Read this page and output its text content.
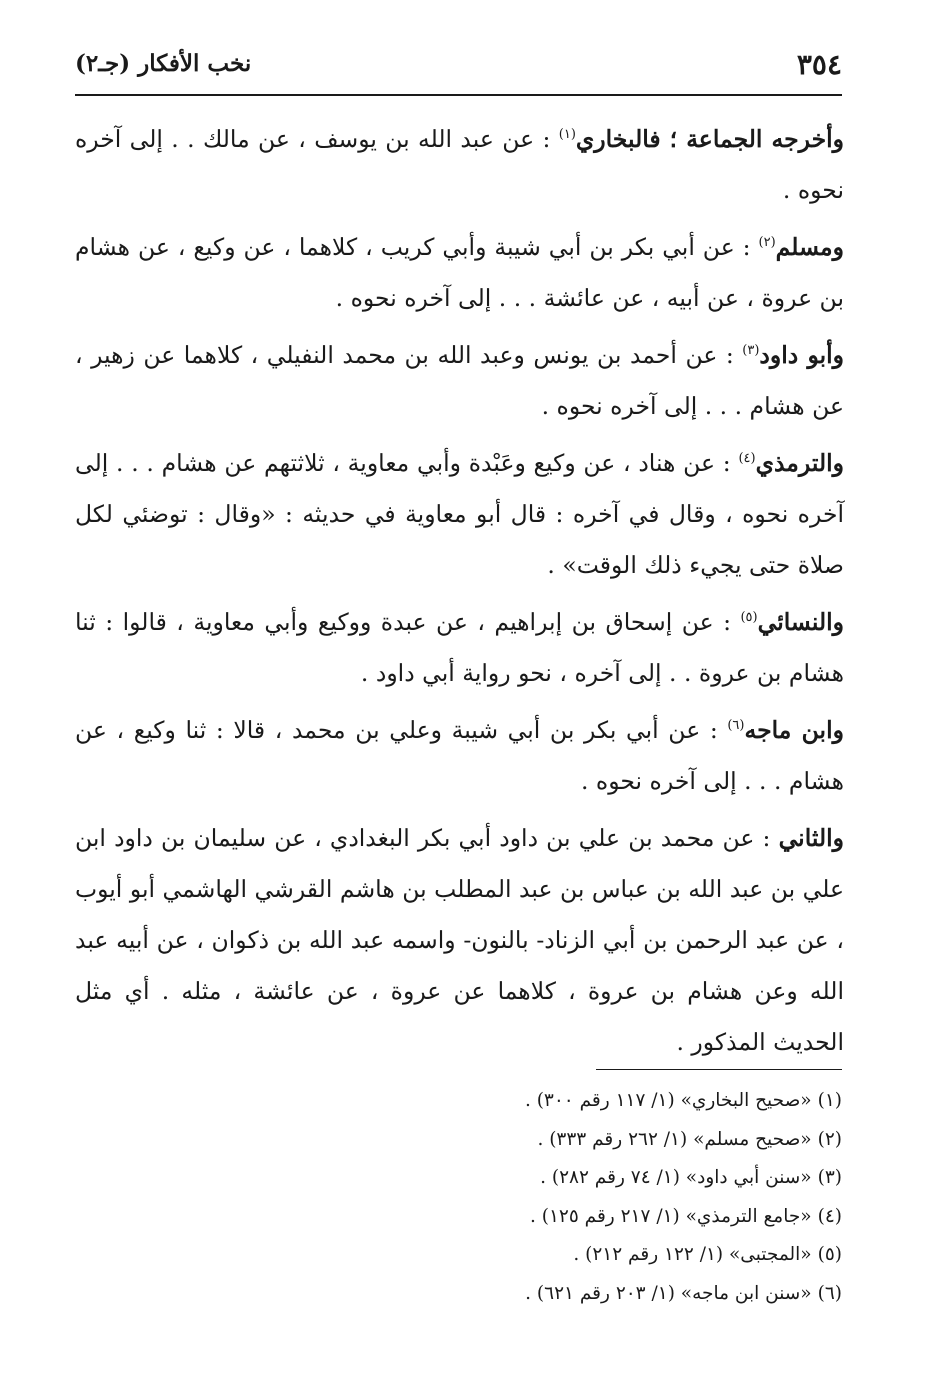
٣٥٤
نخب الأفكار (جـ٢)

وأخرجه الجماعة ؛ فالبخاري$^{(١)}$ : عن عبد الله بن يوسف ، عن مالك . . إلى آخره نحوه .

ومسلم$^{(٢)}$ : عن أبي بكر بن أبي شيبة وأبي كريب ، كلاهما ، عن وكيع ، عن هشام بن عروة ، عن أبيه ، عن عائشة . . . إلى آخره نحوه .

وأبو داود$^{(٣)}$ : عن أحمد بن يونس وعبد الله بن محمد النفيلي ، كلاهما عن زهير ، عن هشام . . . إلى آخره نحوه .

والترمذي$^{(٤)}$ : عن هناد ، عن وكيع وعَبْدة وأبي معاوية ، ثلاثتهم عن هشام . . . إلى آخره نحوه ، وقال في آخره : قال أبو معاوية في حديثه : «وقال : توضئي لكل صلاة حتى يجيء ذلك الوقت» .

والنسائي$^{(٥)}$ : عن إسحاق بن إبراهيم ، عن عبدة ووكيع وأبي معاوية ، قالوا : ثنا هشام بن عروة . . إلى آخره ، نحو رواية أبي داود .

وابن ماجه$^{(٦)}$ : عن أبي بكر بن أبي شيبة وعلي بن محمد ، قالا : ثنا وكيع ، عن هشام . . . إلى آخره نحوه .

والثاني : عن محمد بن علي بن داود أبي بكر البغدادي ، عن سليمان بن داود ابن علي بن عبد الله بن عباس بن عبد المطلب بن هاشم القرشي الهاشمي أبو أيوب ، عن عبد الرحمن بن أبي الزناد- بالنون- واسمه عبد الله بن ذكوان ، عن أبيه عبد الله وعن هشام بن عروة ، كلاهما عن عروة ، عن عائشة ، مثله . أي مثل الحديث المذكور .

(١)«صحيح البخاري» (١/ ١١٧ رقم ٣٠٠) .

(٢)«صحيح مسلم» (١/ ٢٦٢ رقم ٣٣٣) .

(٣)«سنن أبي داود» (١/ ٧٤ رقم ٢٨٢) .

(٤)«جامع الترمذي» (١/ ٢١٧ رقم ١٢٥) .

(٥)«المجتبى» (١/ ١٢٢ رقم ٢١٢) .

(٦)«سنن ابن ماجه» (١/ ٢٠٣ رقم ٦٢١) .
